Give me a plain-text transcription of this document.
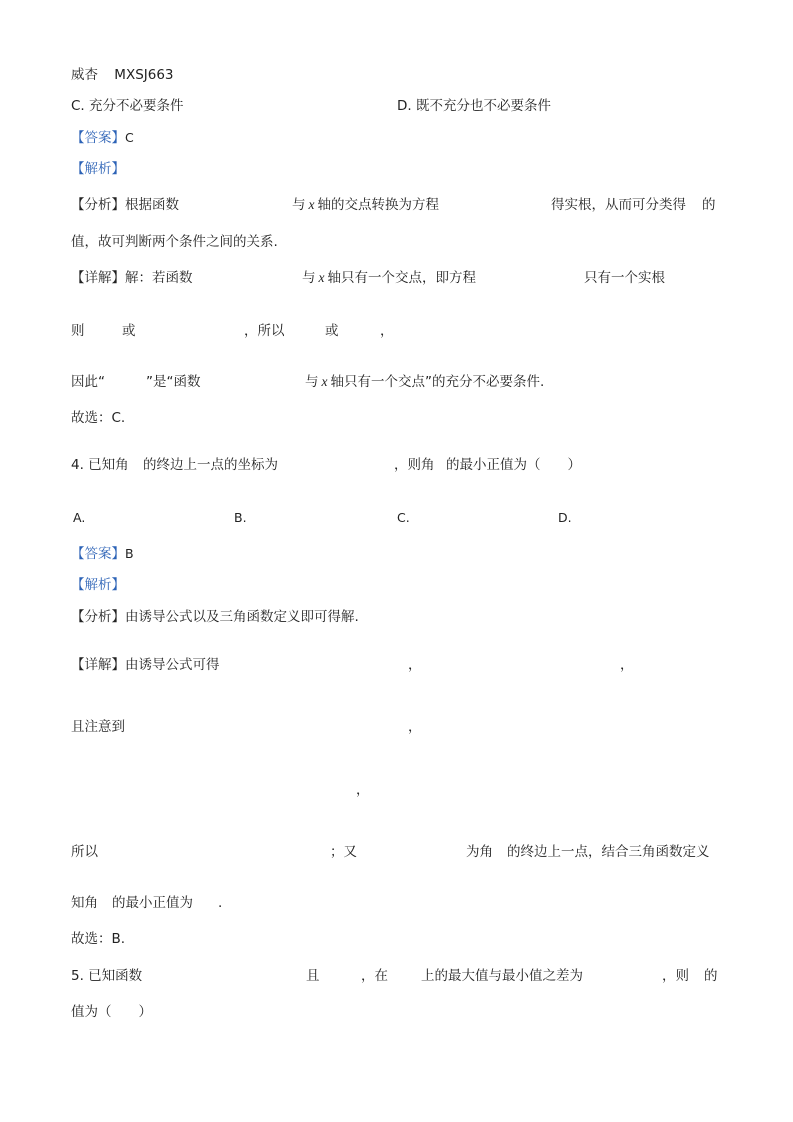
威杏 MXSJ663
C. 充分不必要条件	D. 既不充分也不必要条件
【答案】C
【解析】
【分析】根据函数	与 x 轴的交点转换为方程	得实根，从而可分类得 的
值，故可判断两个条件之间的关系.
【详解】解：若函数	与 x 轴只有一个交点，即方程	只有一个实根
则	或	，所以	或	，
因此“	”是“函数	与 x 轴只有一个交点”的充分不必要条件.
故选：C.
4. 已知角 的终边上一点的坐标为	，则角 的最小正值为（　　）
A.	B.	C.	D.
【答案】B
【解析】
【分析】由诱导公式以及三角函数定义即可得解.
【详解】由诱导公式可得	，	，
且注意到	，
，
所以	；又	为角 的终边上一点，结合三角函数定义
知角 的最小正值为 .
故选：B.
5. 已知函数	且	，在 上的最大值与最小值之差为	，则 的
值为（　　）
